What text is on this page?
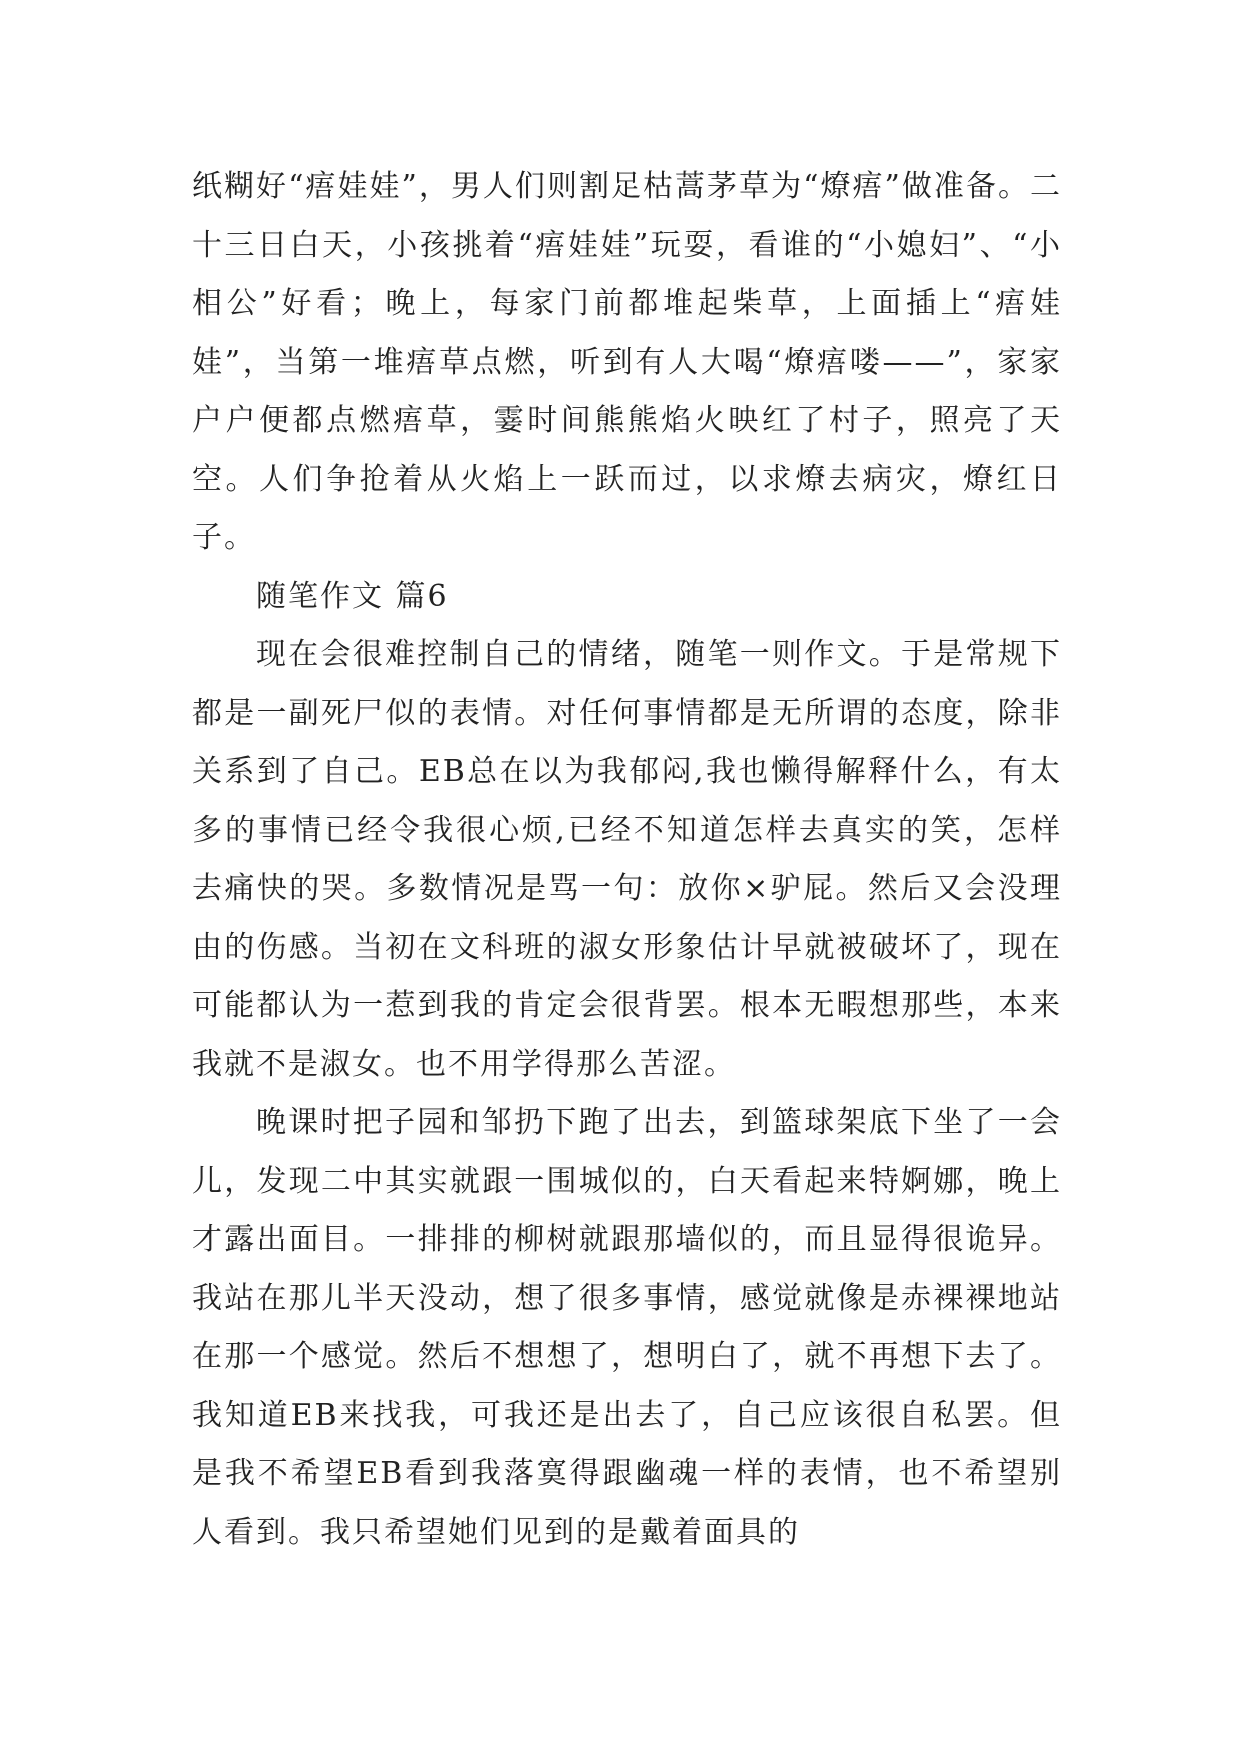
纸糊好“痦娃娃”，男人们则割足枯蒿茅草为“燎痦”做准备。二十三日白天，小孩挑着“痦娃娃”玩耍，看谁的“小媳妇”、“小相公”好看；晚上，每家门前都堆起柴草，上面插上“痦娃娃”，当第一堆痦草点燃，听到有人大喝“燎痦喽——”，家家户户便都点燃痦草，霎时间熊熊焰火映红了村子，照亮了天空。人们争抢着从火焰上一跃而过，以求燎去病灾，燎红日子。

随笔作文 篇6

现在会很难控制自己的情绪，随笔一则作文。于是常规下都是一副死尸似的表情。对任何事情都是无所谓的态度，除非关系到了自己。EB总在以为我郁闷,我也懒得解释什么，有太多的事情已经令我很心烦,已经不知道怎样去真实的笑，怎样去痛快的哭。多数情况是骂一句：放你×驴屁。然后又会没理由的伤感。当初在文科班的淑女形象估计早就被破坏了，现在可能都认为一惹到我的肯定会很背罢。根本无暇想那些，本来我就不是淑女。也不用学得那么苦涩。

晚课时把子园和邹扔下跑了出去，到篮球架底下坐了一会儿，发现二中其实就跟一围城似的，白天看起来特婀娜，晚上才露出面目。一排排的柳树就跟那墙似的，而且显得很诡异。我站在那儿半天没动，想了很多事情，感觉就像是赤裸裸地站在那一个感觉。然后不想想了，想明白了，就不再想下去了。我知道EB来找我，可我还是出去了，自己应该很自私罢。但是我不希望EB看到我落寞得跟幽魂一样的表情，也不希望别人看到。我只希望她们见到的是戴着面具的
